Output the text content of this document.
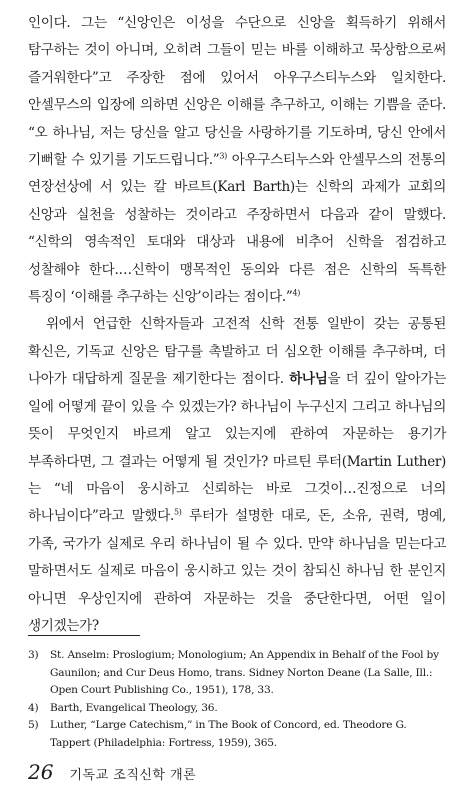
인이다. 그는 “신앙인은 이성을 수단으로 신앙을 획득하기 위해서 탐구하는 것이 아니며, 오히려 그들이 믿는 바를 이해하고 묵상함으로써 즐거워한다”고 주장한 점에 있어서 아우구스티누스와 일치한다. 안셀무스의 입장에 의하면 신앙은 이해를 추구하고, 이해는 기쁨을 준다. “오 하나님, 저는 당신을 알고 당신을 사랑하기를 기도하며, 당신 안에서 기뻐할 수 있기를 기도드립니다.”$^{3)}$ 아우구스티누스와 안셀무스의 전통의 연장선상에 서 있는 칼 바르트(Karl Barth)는 신학의 과제가 교회의 신앙과 실천을 성찰하는 것이라고 주장하면서 다음과 같이 말했다. “신학의 영속적인 토대와 대상과 내용에 비추어 신학을 점검하고 성찰해야 한다.…신학이 맹목적인 동의와 다른 점은 신학의 독특한 특징이 ‘이해를 추구하는 신앙’이라는 점이다.”$^{4)}$

위에서 언급한 신학자들과 고전적 신학 전통 일반이 갖는 공통된 확신은, 기독교 신앙은 탐구를 촉발하고 더 심오한 이해를 추구하며, 더 나아가 대답하게 질문을 제기한다는 점이다. 하나님을 더 깊이 알아가는 일에 어떻게 끝이 있을 수 있겠는가? 하나님이 누구신지 그리고 하나님의 뜻이 무엇인지 바르게 알고 있는지에 관하여 자문하는 용기가 부족하다면, 그 결과는 어떻게 될 것인가? 마르틴 루터(Martin Luther)는 “네 마음이 웅시하고 신뢰하는 바로 그것이…진정으로 너의 하나님이다”라고 말했다.$^{5)}$ 루터가 설명한 대로, 돈, 소유, 권력, 명예, 가족, 국가가 실제로 우리 하나님이 될 수 있다. 만약 하나님을 믿는다고 말하면서도 실제로 마음이 웅시하고 있는 것이 참되신 하나님 한 분인지 아니면 우상인지에 관하여 자문하는 것을 중단한다면, 어떤 일이 생기겠는가?

3)	St. Anselm: Proslogium; Monologium; An Appendix in Behalf of the Fool by Gaunilon; and Cur Deus Homo, trans. Sidney Norton Deane (La Salle, Ill.: Open Court Publishing Co., 1951), 178, 33.
4)	Barth, Evangelical Theology, 36.
5)	Luther, “Large Catechism,” in The Book of Concord, ed. Theodore G. Tappert (Philadelphia: Fortress, 1959), 365.
26 기독교 조직신학 개론
